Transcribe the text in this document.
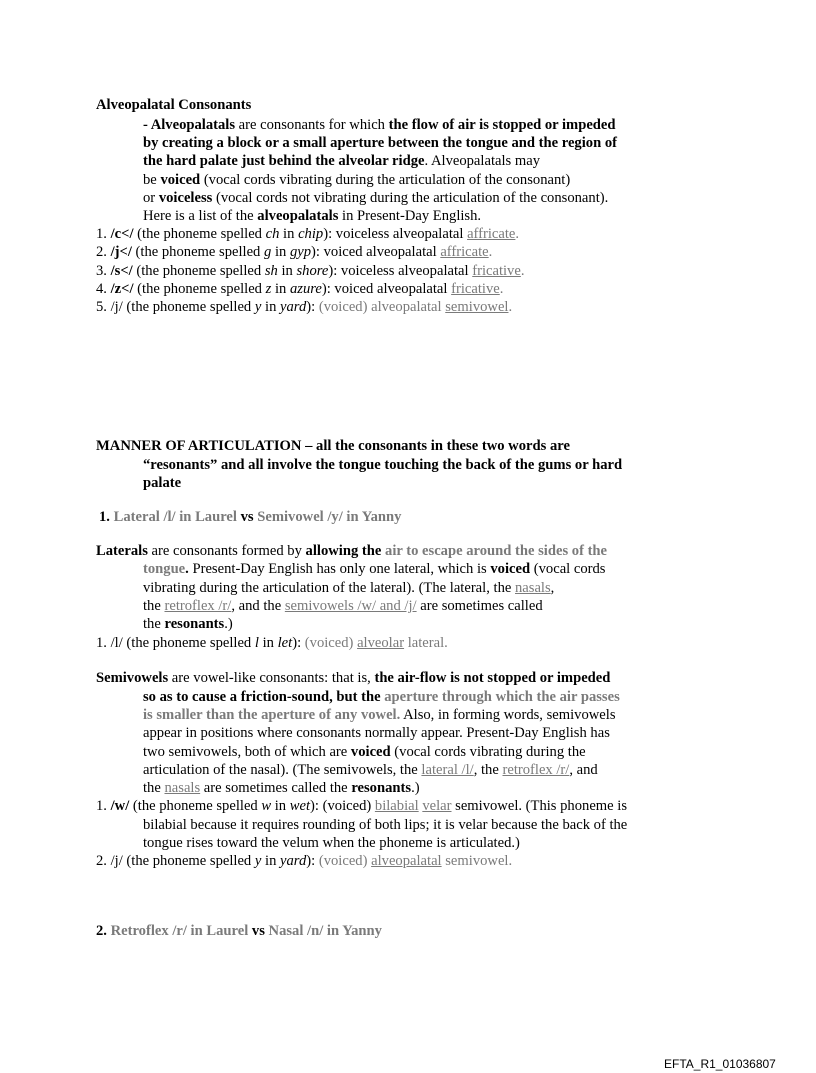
Alveopalatal Consonants
- Alveopalatals are consonants for which the flow of air is stopped or impeded
by creating a block or a small aperture between the tongue and the region of
the hard palate just behind the alveolar ridge. Alveopalatals may
be voiced (vocal cords vibrating during the articulation of the consonant)
or voiceless (vocal cords not vibrating during the articulation of the consonant).
Here is a list of the alveopalatals in Present-Day English.
1. /c</ (the phoneme spelled ch in chip): voiceless alveopalatal affricate.
2. /j</ (the phoneme spelled g in gyp): voiced alveopalatal affricate.
3. /s</ (the phoneme spelled sh in shore): voiceless alveopalatal fricative.
4. /z</ (the phoneme spelled z in azure): voiced alveopalatal fricative.
5. /j/ (the phoneme spelled y in yard): (voiced) alveopalatal semivowel.
MANNER OF ARTICULATION – all the consonants in these two words are
“resonants” and all involve the tongue touching the back of the gums or hard
palate
1. Lateral /l/ in Laurel vs Semivowel /y/ in Yanny
Laterals are consonants formed by allowing the air to escape around the sides of the
tongue. Present-Day English has only one lateral, which is voiced (vocal cords
vibrating during the articulation of the lateral). (The lateral, the nasals,
the retroflex /r/, and the semivowels /w/ and /j/ are sometimes called
the resonants.)
1. /l/ (the phoneme spelled l in let): (voiced) alveolar lateral.
Semivowels are vowel-like consonants: that is, the air-flow is not stopped or impeded
so as to cause a friction-sound, but the aperture through which the air passes
is smaller than the aperture of any vowel. Also, in forming words, semivowels
appear in positions where consonants normally appear. Present-Day English has
two semivowels, both of which are voiced (vocal cords vibrating during the
articulation of the nasal). (The semivowels, the lateral /l/, the retroflex /r/, and
the nasals are sometimes called the resonants.)
1. /w/ (the phoneme spelled w in wet): (voiced) bilabial velar semivowel. (This phoneme is
bilabial because it requires rounding of both lips; it is velar because the back of the
tongue rises toward the velum when the phoneme is articulated.)
2. /j/ (the phoneme spelled y in yard): (voiced) alveopalatal semivowel.
2. Retroflex /r/ in Laurel vs Nasal /n/ in Yanny
EFTA_R1_01036807
